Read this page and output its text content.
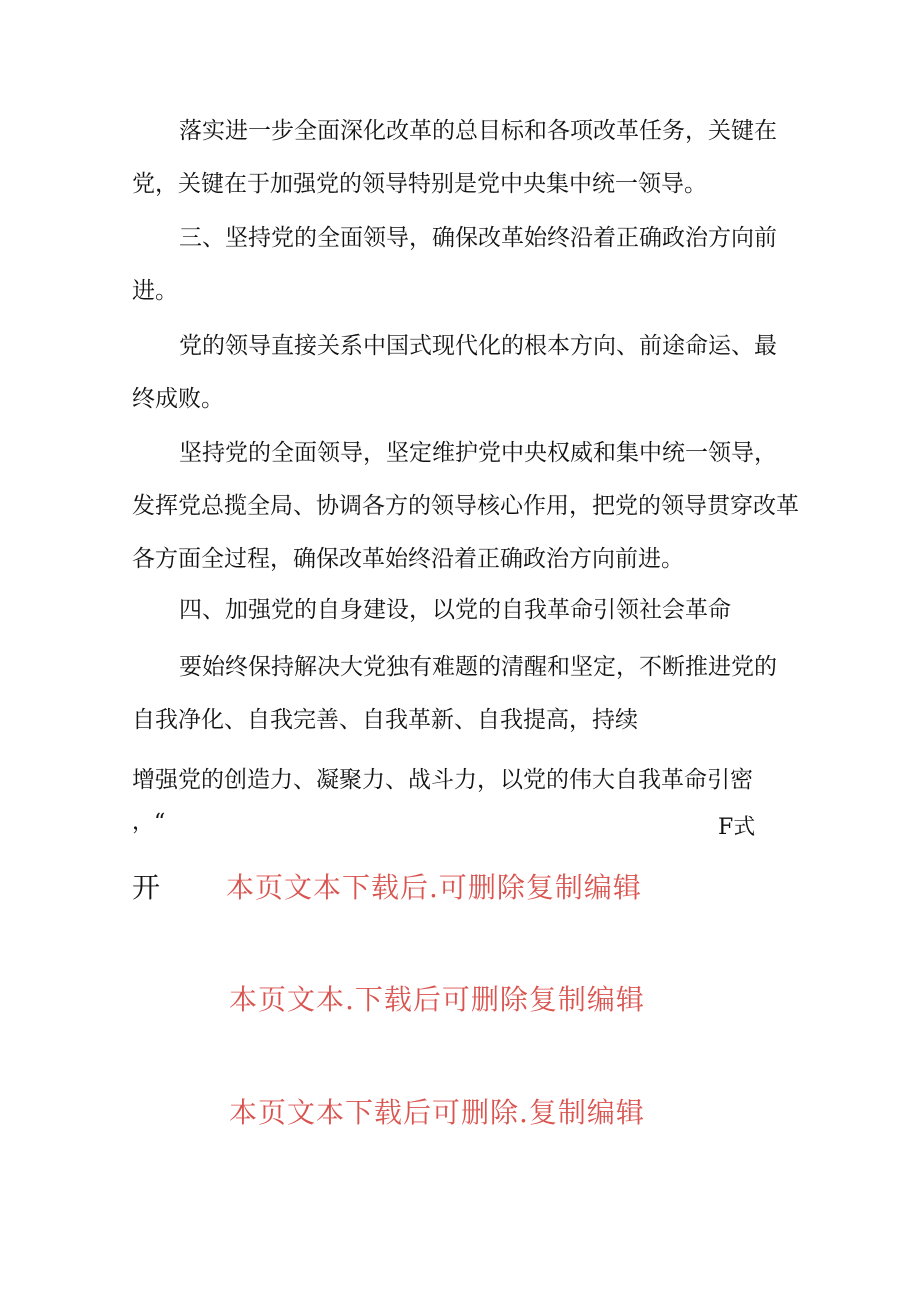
落实进一步全面深化改革的总目标和各项改革任务，关键在
党，关键在于加强党的领导特别是党中央集中统一领导。

三、坚持党的全面领导，确保改革始终沿着正确政治方向前
进。

党的领导直接关系中国式现代化的根本方向、前途命运、最
终成败。

坚持党的全面领导，坚定维护党中央权威和集中统一领导，
发挥党总揽全局、协调各方的领导核心作用，把党的领导贯穿改革
各方面全过程，确保改革始终沿着正确政治方向前进。

四、加强党的自身建设，以党的自我革命引领社会革命

要始终保持解决大党独有难题的清醒和坚定，不断推进党的
自我净化、自我完善、自我革新、自我提高，持续

增强党的创造力、凝聚力、战斗力，以党的伟大自我革命引密

，“	F式
开 本页文本下载后.可删除复制编辑
本页文本.下载后可删除复制编辑
本页文本下载后可删除.复制编辑
